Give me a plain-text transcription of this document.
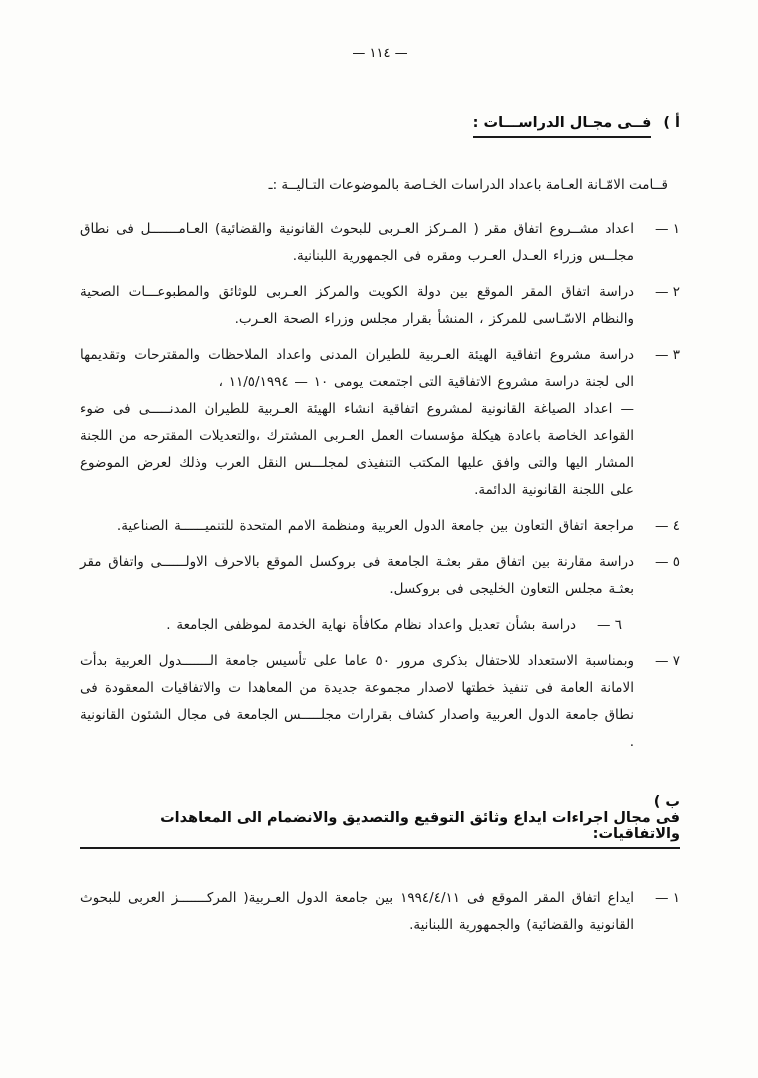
— ١١٤ —
أ )فــى مجـال الدراســـات :

قــامت الامّـانة العـامة باعداد الدراسات الخـاصة بالموضوعات التـاليــة :ـ

١ —

اعداد مشــروع اتفاق مقر ( المـركز العـربى للبحوث القانونية والقضائية) العـامـــــــل فى نطاق مجلــس وزراء العـدل العـرب ومقره فى الجمهورية اللبنانية.

٢ —

دراسة اتفاق المقر الموقع بين دولة الكويت والمركز العـربى للوثائق والمطبوعـــات الصحية والنظام الاسّـاسى للمركز ، المنشأ بقرار مجلس وزراء الصحة العـرب.

٣ —

دراسة مشروع اتفاقية الهيئة العـربية للطيران المدنى واعداد الملاحظات والمقترحات وتقديمها الى لجنة دراسة مشروع الاتفاقية التى اجتمعت يومى ١٠ — ١١/٥/١٩٩٤ ،

— اعداد الصياغة القانونية لمشروع اتفاقية انشاء الهيئة العـربية للطيران المدنـــــى فى ضوء القواعد الخاصة باعادة هيكلة مؤسسات العمل العـربى المشترك ،والتعديلات المقترحه من اللجنة المشار اليها والتى وافق عليها المكتب التنفيذى لمجلـــس النقل العرب وذلك لعرض الموضوع على اللجنة القانونية الدائمة.

٤ —

مراجعة اتفاق التعاون بين جامعة الدول العربية ومنظمة الامم المتحدة للتنميــــــة الصناعية.

٥ —

دراسة مقارنة بين اتفاق مقر بعثـة الجامعة فى بروكسل الموقع بالاحرف الاولــــــى واتفاق مقر بعثـة مجلس التعاون الخليجى فى بروكسل.

٦ —

دراسة بشأن تعديل واعداد نظام مكافأة نهاية الخدمة لموظفى الجامعة .

٧ —

وبمناسبة الاستعداد للاحتفال بذكرى مرور ٥٠ عاما على تأسيس جامعة الـــــــدول العربية بدأت الامانة العامة فى تنفيذ خطتها لاصدار مجموعة جديدة من المعاهدا ت والاتفاقيات المعقودة فى نطاق جامعة الدول العربية واصدار كشاف بقرارات مجلـــــس الجامعة فى مجال الشئون القانونية .

ب )فى مجال اجراءات ايداع وثائق التوقيع والتصديق والانضمام الى المعاهدات والاتفاقيات:
١ —

ايداع اتفاق المقر الموقع فى ١٩٩٤/٤/١١ بين جامعة الدول العـربية( المركـــــــز العربى للبحوث القانونية والقضائية) والجمهورية اللبنانية.
